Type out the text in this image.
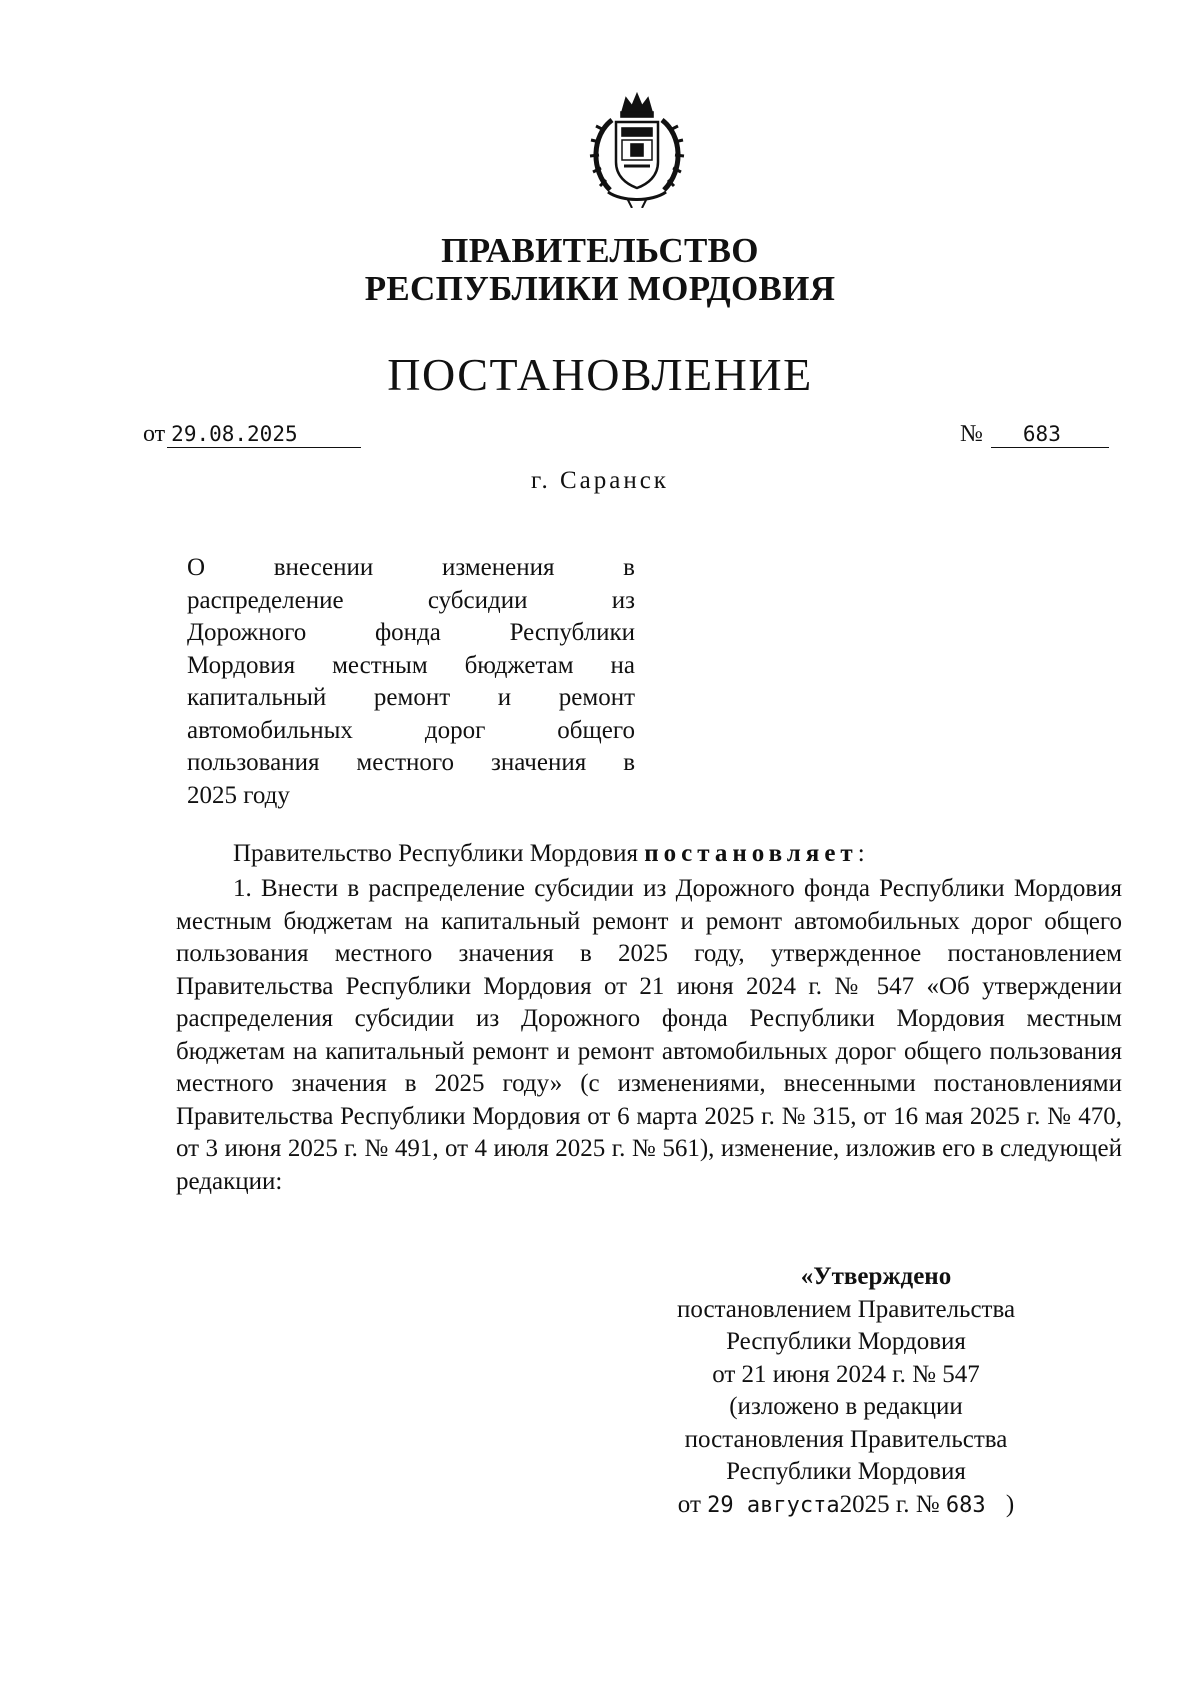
ПРАВИТЕЛЬСТВО
РЕСПУБЛИКИ МОРДОВИЯ
ПОСТАНОВЛЕНИЕ
от 29.08.2025	№	683
г. Саранск
О внесении изменения в
распределение субсидии из
Дорожного фонда Республики
Мордовия местным бюджетам на
капитальный ремонт и ремонт
автомобильных дорог общего
пользования местного значения в
2025 году
Правительство Республики Мордовия постановляет:
1. Внести в распределение субсидии из Дорожного фонда Республики Мордовия местным бюджетам на капитальный ремонт и ремонт автомобильных дорог общего пользования местного значения в 2025 году, утвержденное постановлением Правительства Республики Мордовия от 21 июня 2024 г. № 547 «Об утверждении распределения субсидии из Дорожного фонда Республики Мордовия местным бюджетам на капитальный ремонт и ремонт автомобильных дорог общего пользования местного значения в 2025 году» (с изменениями, внесенными постановлениями Правительства Республики Мордовия от 6 марта 2025 г. № 315, от 16 мая 2025 г. № 470, от 3 июня 2025 г. № 491, от 4 июля 2025 г. № 561), изменение, изложив его в следующей редакции:
«Утверждено
постановлением Правительства
Республики Мордовия
от 21 июня 2024 г. № 547
(изложено в редакции
постановления Правительства
Республики Мордовия
от 29 августа2025 г. № 683 )
